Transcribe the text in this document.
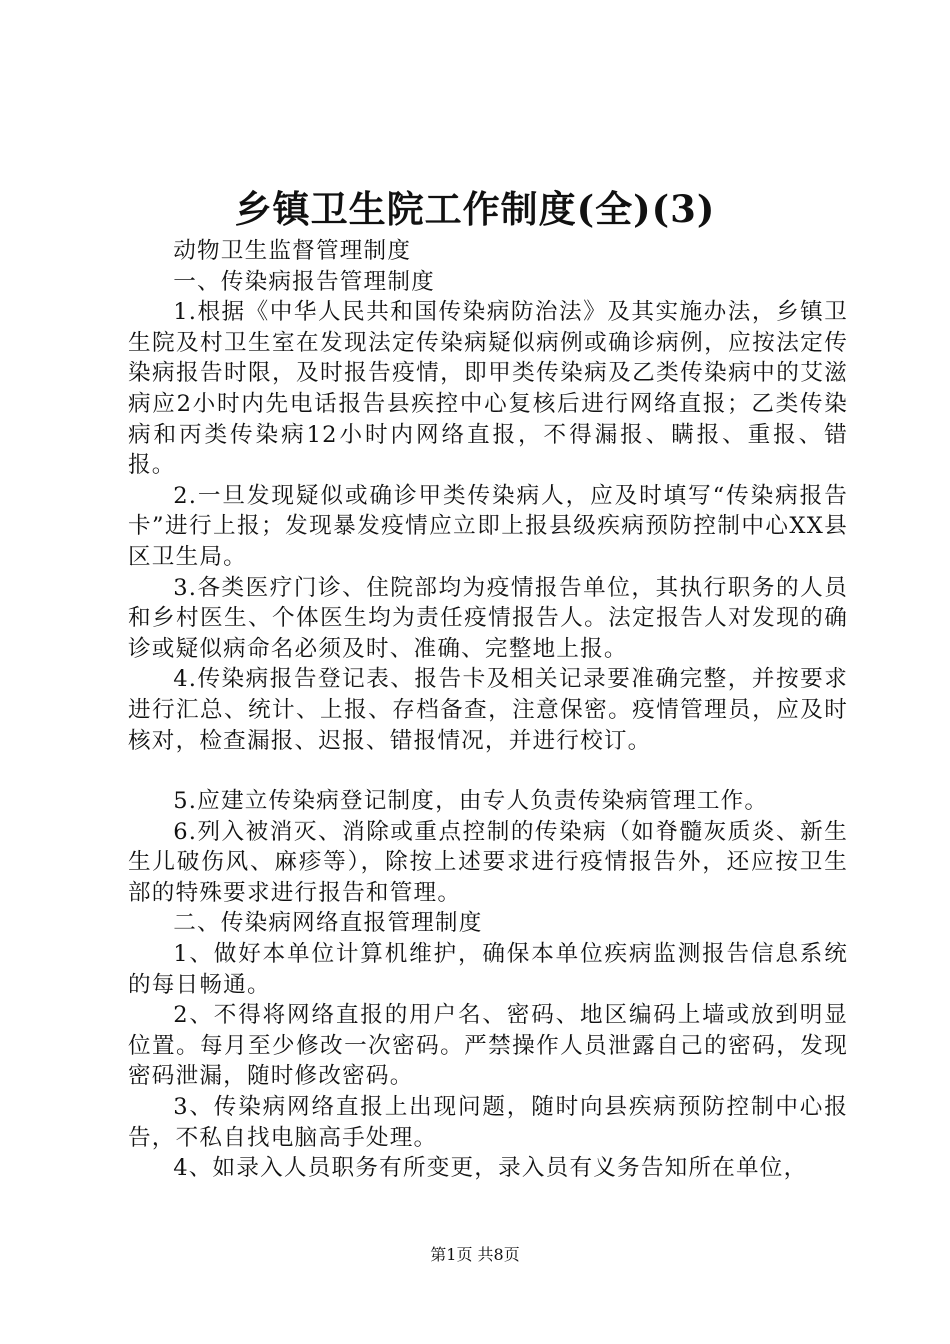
乡镇卫生院工作制度(全)(3)

动物卫生监督管理制度

一、传染病报告管理制度

1.根据《中华人民共和国传染病防治法》及其实施办法，乡镇卫生院及村卫生室在发现法定传染病疑似病例或确诊病例，应按法定传染病报告时限，及时报告疫情，即甲类传染病及乙类传染病中的艾滋病应2小时内先电话报告县疾控中心复核后进行网络直报；乙类传染病和丙类传染病12小时内网络直报，不得漏报、瞒报、重报、错报。

2.一旦发现疑似或确诊甲类传染病人，应及时填写“传染病报告卡”进行上报；发现暴发疫情应立即上报县级疾病预防控制中心XX县区卫生局。

3.各类医疗门诊、住院部均为疫情报告单位，其执行职务的人员和乡村医生、个体医生均为责任疫情报告人。法定报告人对发现的确诊或疑似病命名必须及时、准确、完整地上报。

4.传染病报告登记表、报告卡及相关记录要准确完整，并按要求进行汇总、统计、上报、存档备查，注意保密。疫情管理员，应及时核对，检查漏报、迟报、错报情况，并进行校订。

5.应建立传染病登记制度，由专人负责传染病管理工作。

6.列入被消灭、消除或重点控制的传染病（如脊髓灰质炎、新生生儿破伤风、麻疹等），除按上述要求进行疫情报告外，还应按卫生部的特殊要求进行报告和管理。

二、传染病网络直报管理制度

1、做好本单位计算机维护，确保本单位疾病监测报告信息系统的每日畅通。

2、不得将网络直报的用户名、密码、地区编码上墙或放到明显位置。每月至少修改一次密码。严禁操作人员泄露自己的密码，发现密码泄漏，随时修改密码。

3、传染病网络直报上出现问题，随时向县疾病预防控制中心报告，不私自找电脑高手处理。

4、如录入人员职务有所变更，录入员有义务告知所在单位，

第1页 共8页
